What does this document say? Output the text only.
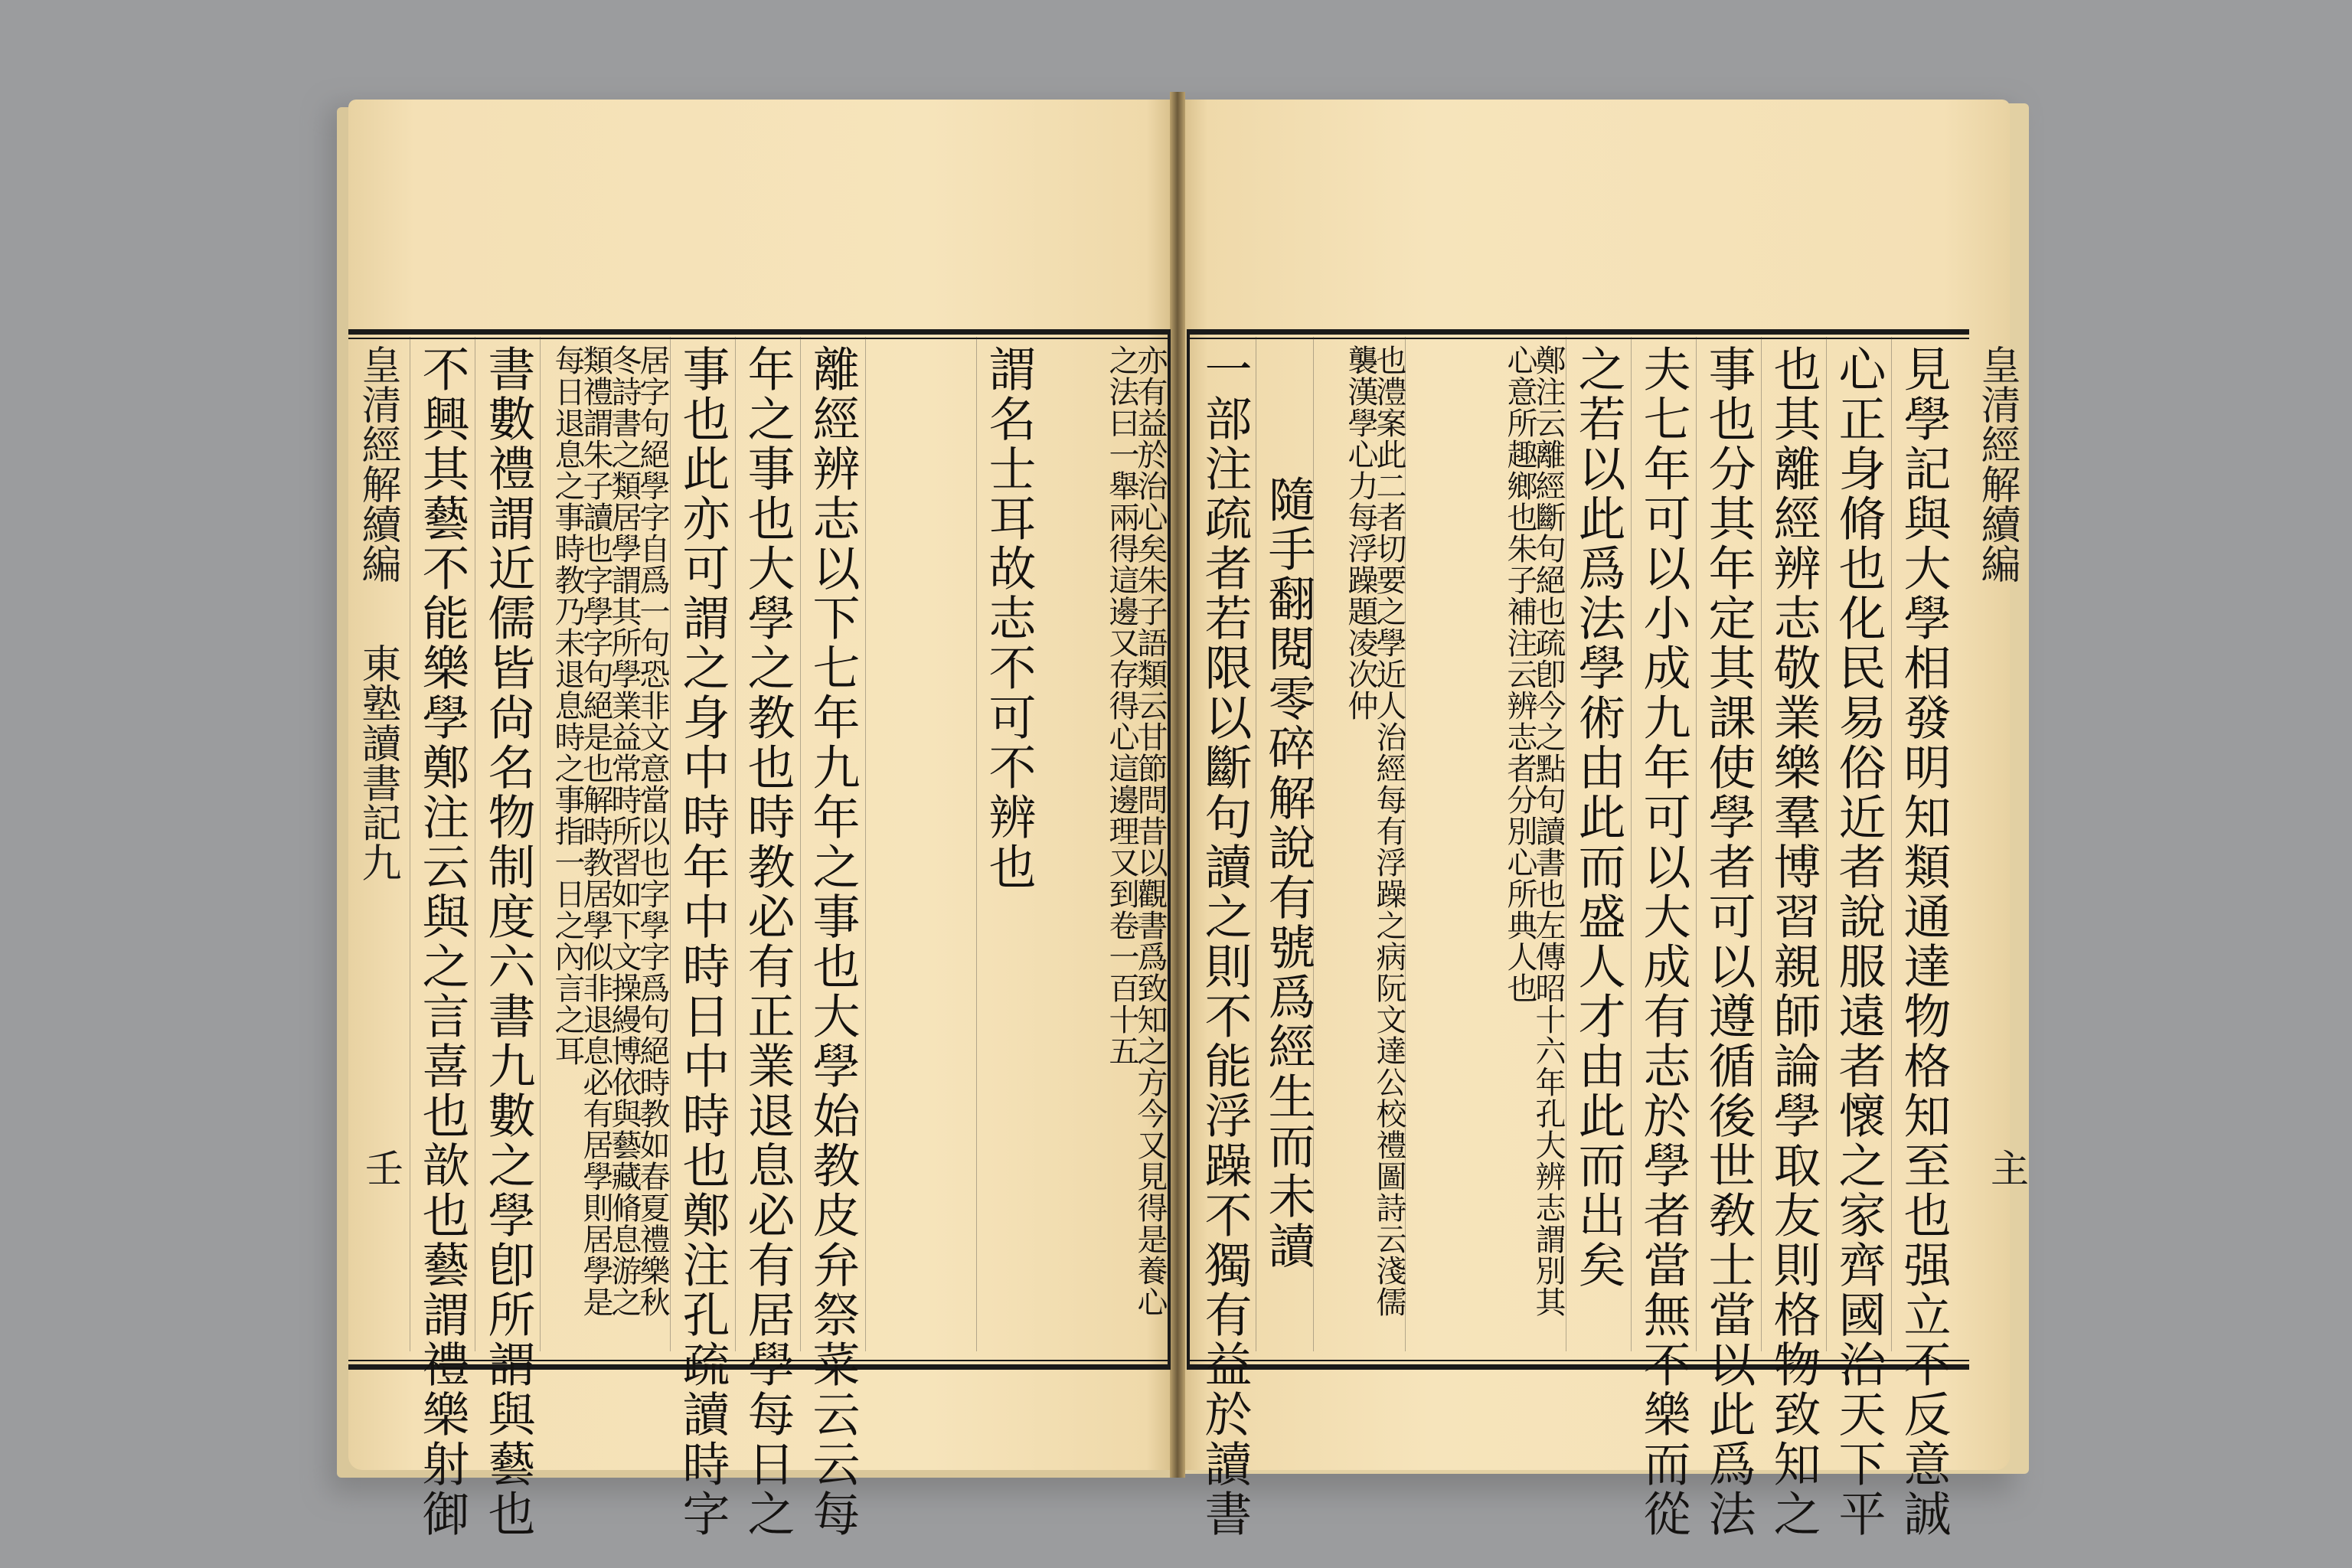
皇清經解續編
東塾讀書記九
壬 不興其藝不能樂學鄭注云與之言喜也歆也藝謂禮樂射御 書數禮謂近儒皆尙名物制度六書九數之學卽所謂與藝也	居字句絕學字自爲一句恐非文意當以也字學字爲句絕時教如春夏禮樂秋冬詩書之類居學謂其所學業益常時所習如下文操縵博依與藝藏脩息游之類禮謂朱子讀也字學字句絕是也解時教居學似非退息必有居學則居學是每日退息之事時教乃未退息時之事指一日之內言之耳	事也此亦可謂之身中時年中時日中時也鄭注孔疏讀時字 年之事也大學之教也時教必有正業退息必有居學每日之 離經辨志以下七年九年之事也大學始教皮弁祭菜云云每	謂名士耳故志不可不辨也	亦有益於治心矣朱子語類云甘節問昔以觀書爲致知之方今又見得是養心之法曰一舉兩得這邊又存得心這邊理又到卷一百十五	皇清經解續編
主
見學記與大學相發明知類通達物格知至也强立不反意誠
心正身脩也化民易俗近者說服遠者懷之家齊國治天下平
也其離經辨志敬業樂羣博習親師論學取友則格物致知之
事也分其年定其課使學者可以遵循後世敎士當以此爲法
夫七年可以小成九年可以大成有志於學者當無不樂而從
之若以此爲法學術由此而盛人才由此而出矣
鄭注云離經斷句絕也疏卽今之點句讀書也左傳昭十六年孔大辨志謂別其心意所趣鄉也朱子補注云辨志者分別心所典人也
也澧案此二者切要之學近人治經每有浮躁之病阮文達公校禮圖詩云淺儒襲漢學心力每浮躁題凌次仲
隨手翻閱零碎解說有號爲經生而未讀
一部注疏者若限以斷句讀之則不能浮躁不獨有益於讀書
